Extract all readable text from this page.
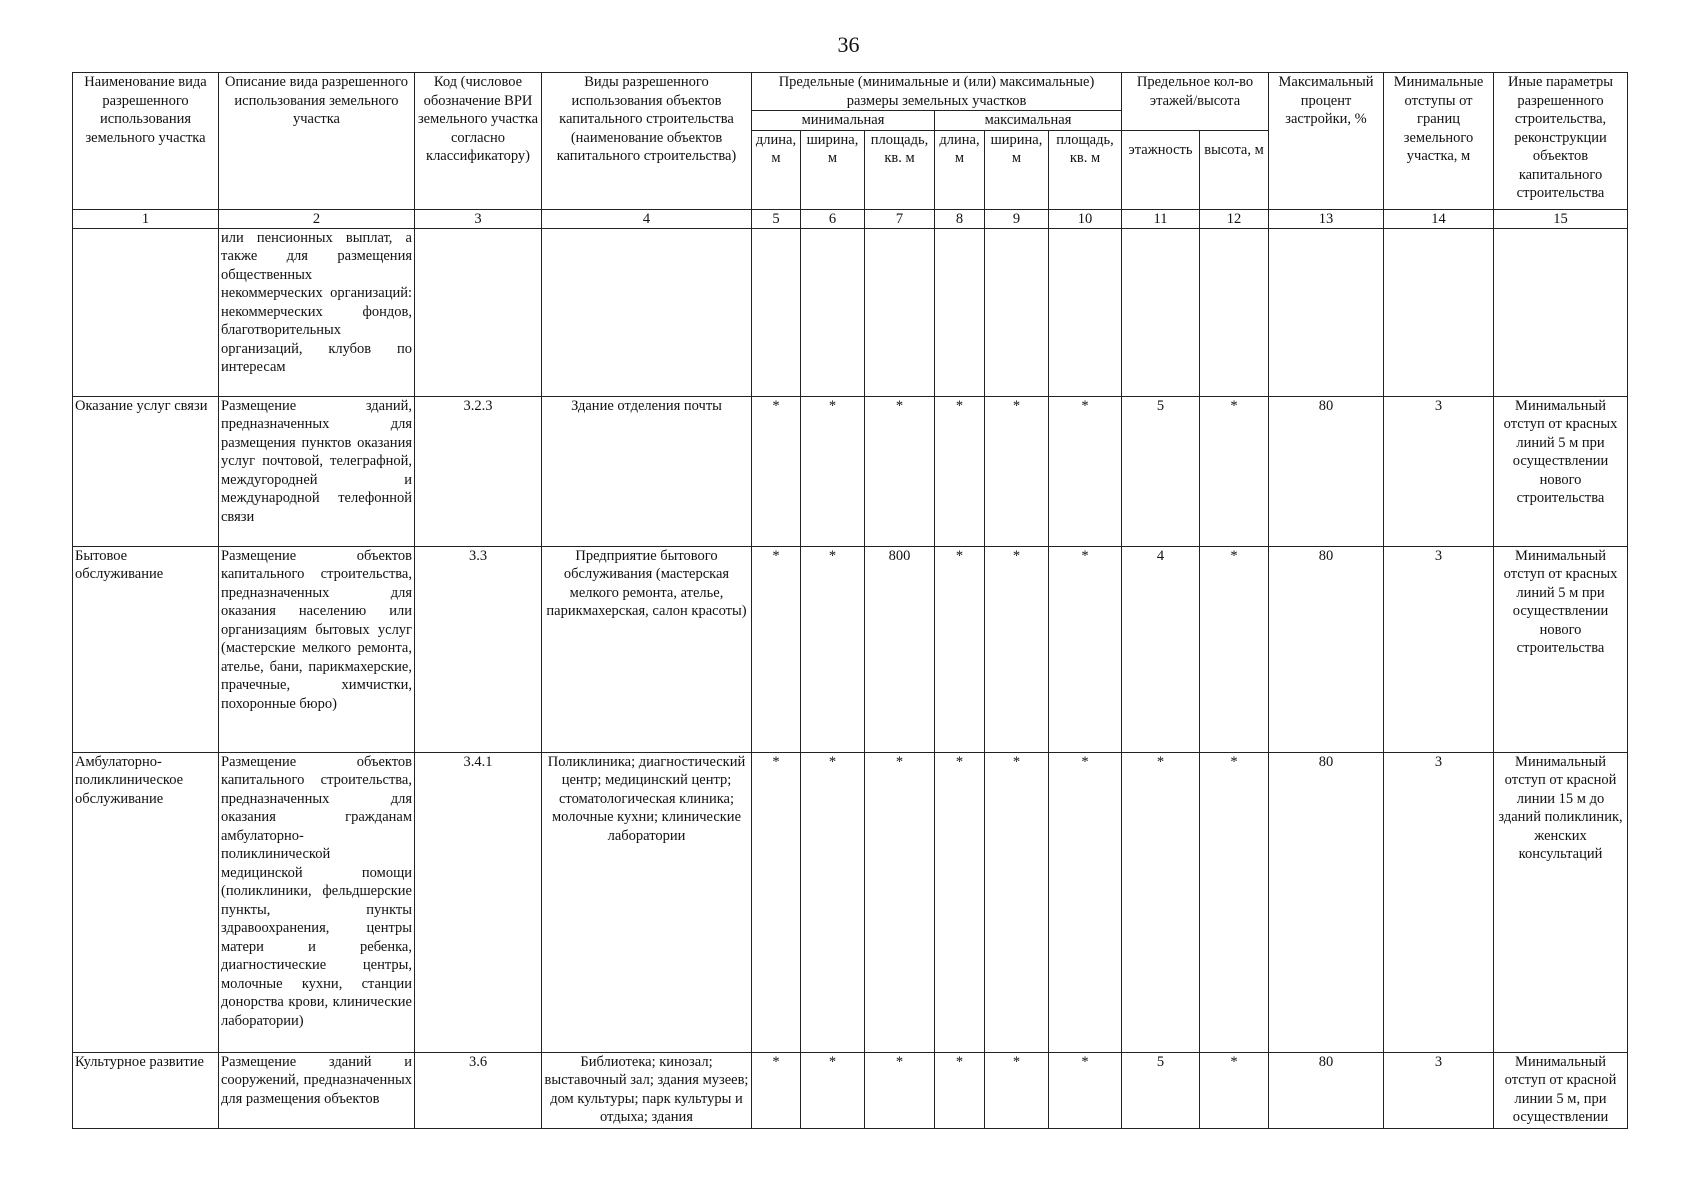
36
Наименование вида разрешенного использования земельного участка	Описание вида разрешенного использования земельного участка	Код (числовое обозначение ВРИ земельного участка согласно классификатору)	Виды разрешенного использования объектов капитального строительства (наименование объектов капитального строительства)	Предельные (минимальные и (или) максимальные) размеры земельных участков						Предельное кол-во этажей/высота		Максимальный процент застройки, %	Минимальные отступы от границ земельного участка, м	Иные параметры разрешенного строительства, реконструкции объектов капитального строительства
				минимальная			максимальная							
				длина, м	ширина, м	площадь, кв. м	длина, м	ширина, м	площадь, кв. м	этажность	высота, м			
1	2	3	4	5	6	7	8	9	10	11	12	13	14	15
	или пенсионных выплат, а также для размещения общественных некоммерческих организаций: некоммерческих фондов, благотворительных организаций, клубов по интересам													
Оказание услуг связи	Размещение зданий, предназначенных для размещения пунктов оказания услуг почтовой, телеграфной, междугородней и международной телефонной связи	3.2.3	Здание отделения почты	*	*	*	*	*	*	5	*	80	3	Минимальный отступ от красных линий 5 м при осуществлении нового строительства
Бытовое обслуживание	Размещение объектов капитального строительства, предназначенных для оказания населению или организациям бытовых услуг (мастерские мелкого ремонта, ателье, бани, парикмахерские, прачечные, химчистки, похоронные бюро)	3.3	Предприятие бытового обслуживания (мастерская мелкого ремонта, ателье, парикмахерская, салон красоты)	*	*	800	*	*	*	4	*	80	3	Минимальный отступ от красных линий 5 м при осуществлении нового строительства
Амбулаторно-поликлиническое обслуживание	Размещение объектов капитального строительства, предназначенных для оказания гражданам амбулаторно-поликлинической медицинской помощи (поликлиники, фельдшерские пункты, пункты здравоохранения, центры матери и ребенка, диагностические центры, молочные кухни, станции донорства крови, клинические лаборатории)	3.4.1	Поликлиника; диагностический центр; медицинский центр; стоматологическая клиника; молочные кухни; клинические лаборатории	*	*	*	*	*	*	*	*	80	3	Минимальный отступ от красной линии 15 м до зданий поликлиник, женских консультаций
Культурное развитие	Размещение зданий и сооружений, предназначенных для размещения объектов	3.6	Библиотека; кинозал; выставочный зал; здания музеев; дом культуры; парк культуры и отдыха; здания	*	*	*	*	*	*	5	*	80	3	Минимальный отступ от красной линии 5 м, при осуществлении
